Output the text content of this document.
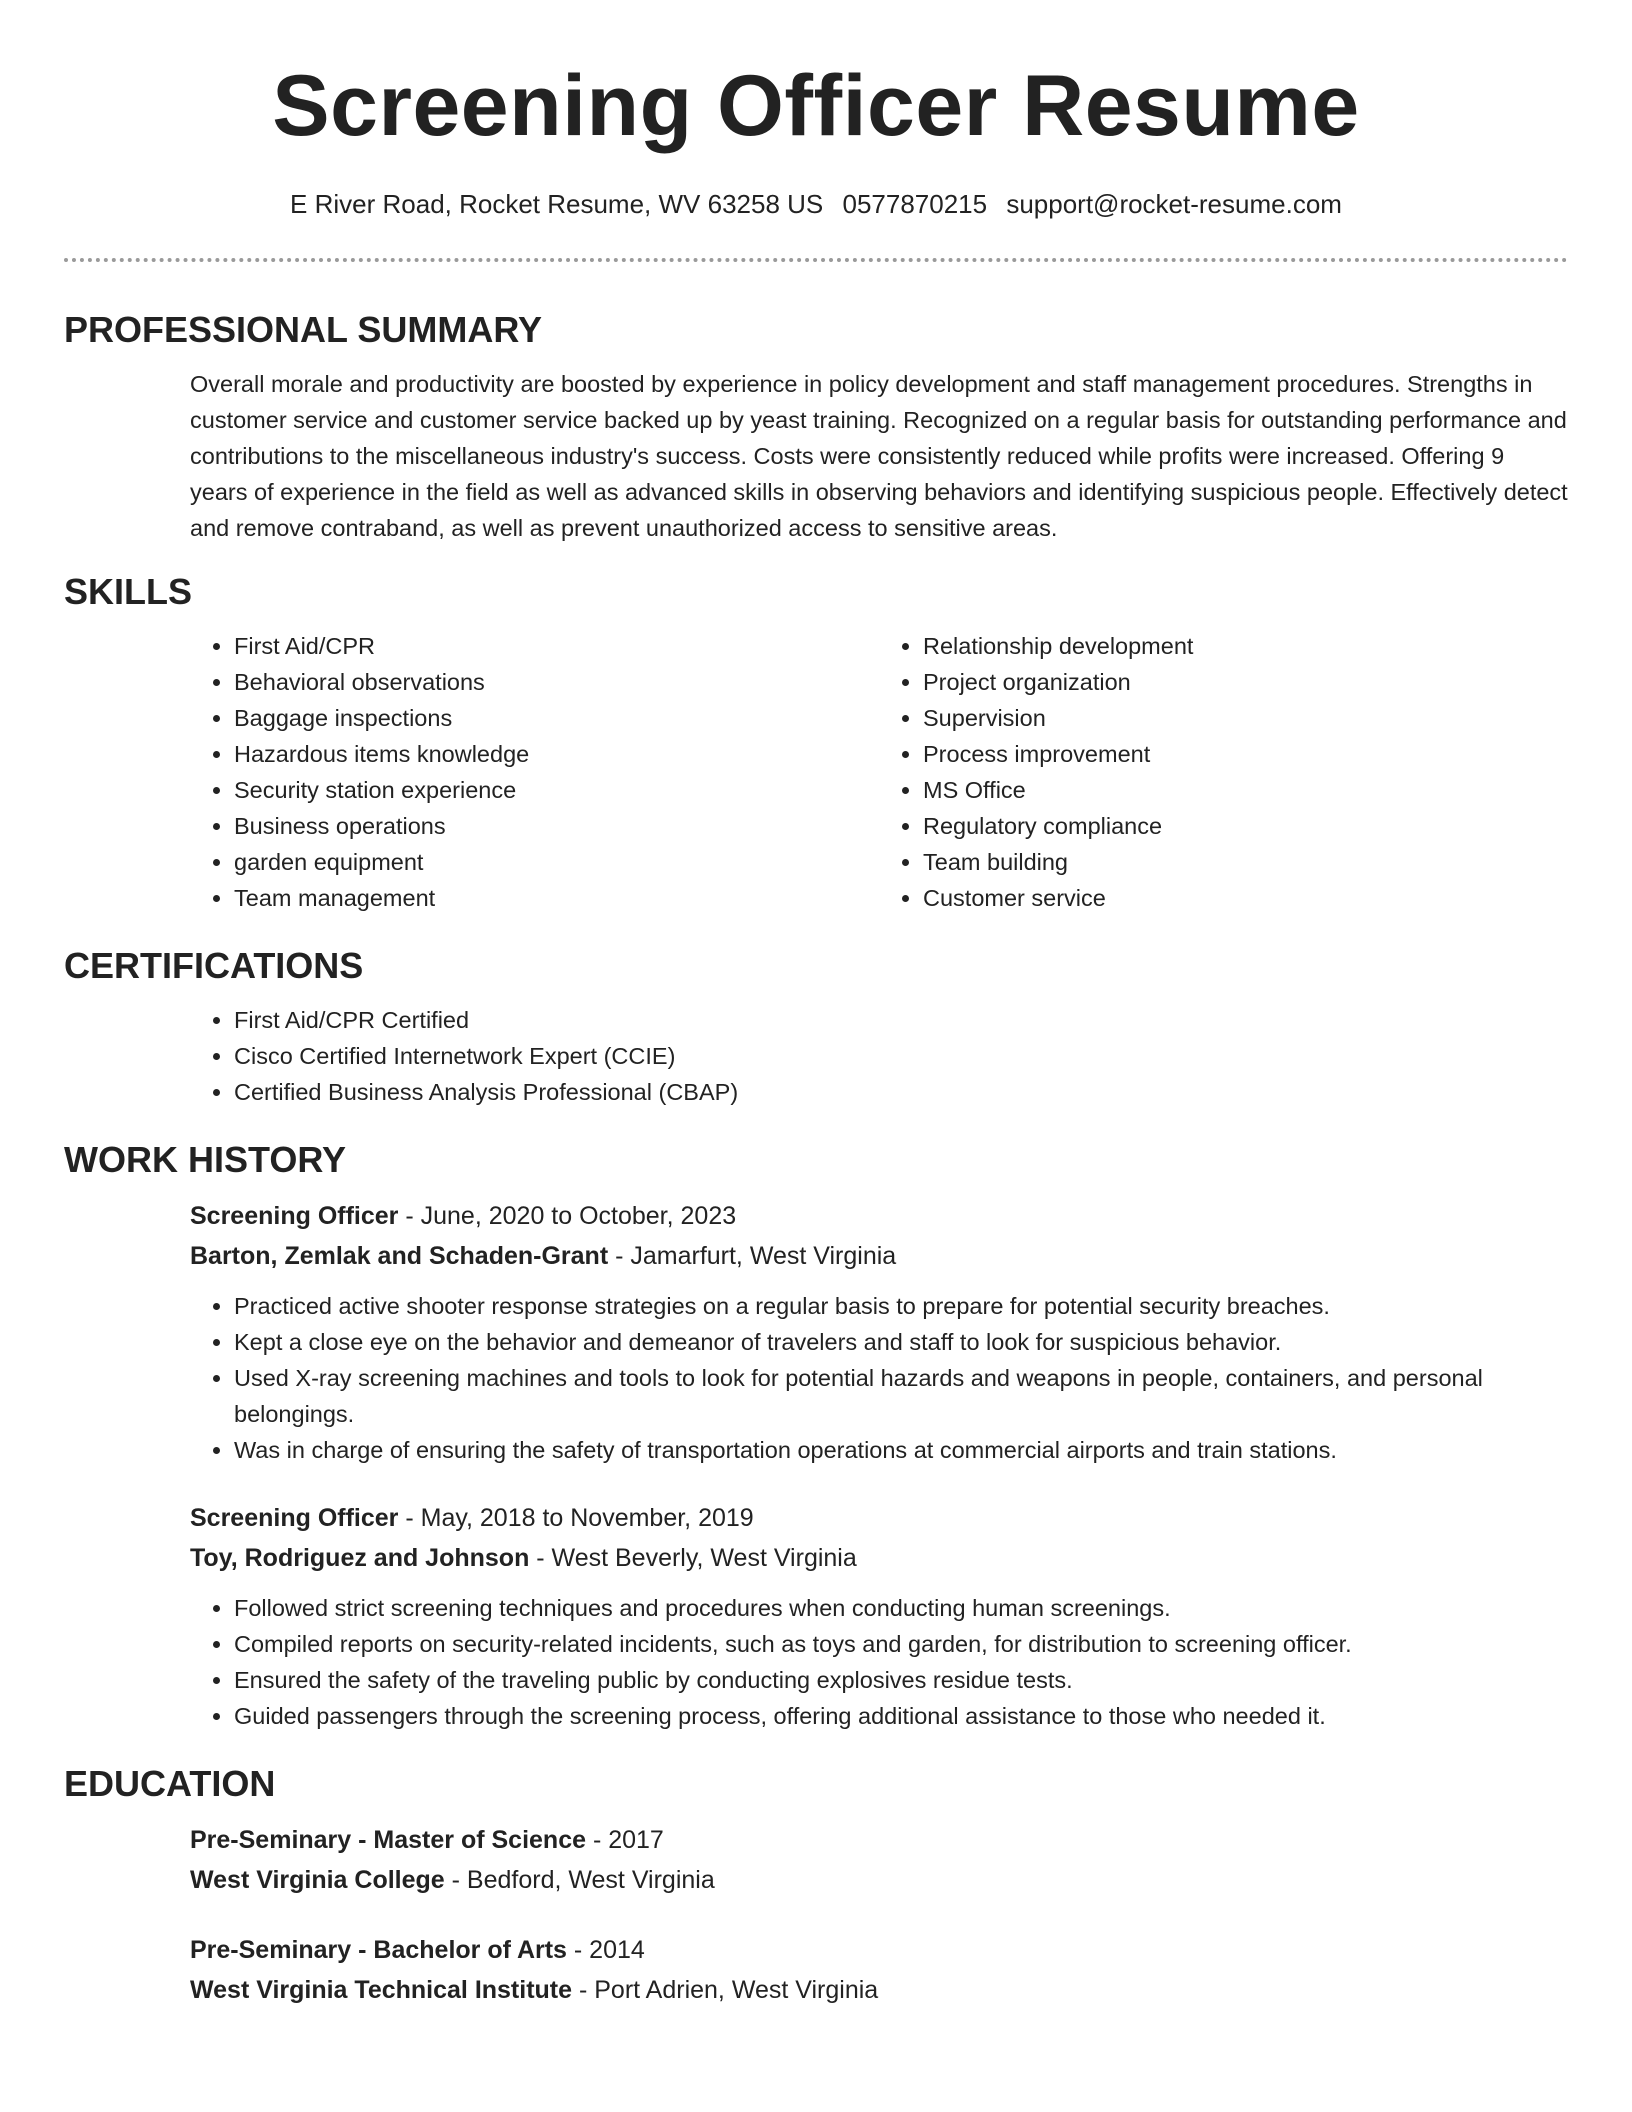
Screening Officer Resume
E River Road, Rocket Resume, WV 63258 US 0577870215 support@rocket-resume.com
PROFESSIONAL SUMMARY

Overall morale and productivity are boosted by experience in policy development and staff management procedures. Strengths in customer service and customer service backed up by yeast training. Recognized on a regular basis for outstanding performance and contributions to the miscellaneous industry's success. Costs were consistently reduced while profits were increased. Offering 9 years of experience in the field as well as advanced skills in observing behaviors and identifying suspicious people. Effectively detect and remove contraband, as well as prevent unauthorized access to sensitive areas.

SKILLS
• First Aid/CPR
• Behavioral observations
• Baggage inspections
• Hazardous items knowledge
• Security station experience
• Business operations
• garden equipment
• Team management
• Relationship development
• Project organization
• Supervision
• Process improvement
• MS Office
• Regulatory compliance
• Team building
• Customer service
CERTIFICATIONS
• First Aid/CPR Certified
• Cisco Certified Internetwork Expert (CCIE)
• Certified Business Analysis Professional (CBAP)
WORK HISTORY
Screening Officer - June, 2020 to October, 2023
Barton, Zemlak and Schaden-Grant - Jamarfurt, West Virginia
• Practiced active shooter response strategies on a regular basis to prepare for potential security breaches.
• Kept a close eye on the behavior and demeanor of travelers and staff to look for suspicious behavior.
• Used X-ray screening machines and tools to look for potential hazards and weapons in people, containers, and personal belongings.
• Was in charge of ensuring the safety of transportation operations at commercial airports and train stations.
Screening Officer - May, 2018 to November, 2019
Toy, Rodriguez and Johnson - West Beverly, West Virginia
• Followed strict screening techniques and procedures when conducting human screenings.
• Compiled reports on security-related incidents, such as toys and garden, for distribution to screening officer.
• Ensured the safety of the traveling public by conducting explosives residue tests.
• Guided passengers through the screening process, offering additional assistance to those who needed it.
EDUCATION
Pre-Seminary - Master of Science - 2017
West Virginia College - Bedford, West Virginia
Pre-Seminary - Bachelor of Arts - 2014
West Virginia Technical Institute - Port Adrien, West Virginia
